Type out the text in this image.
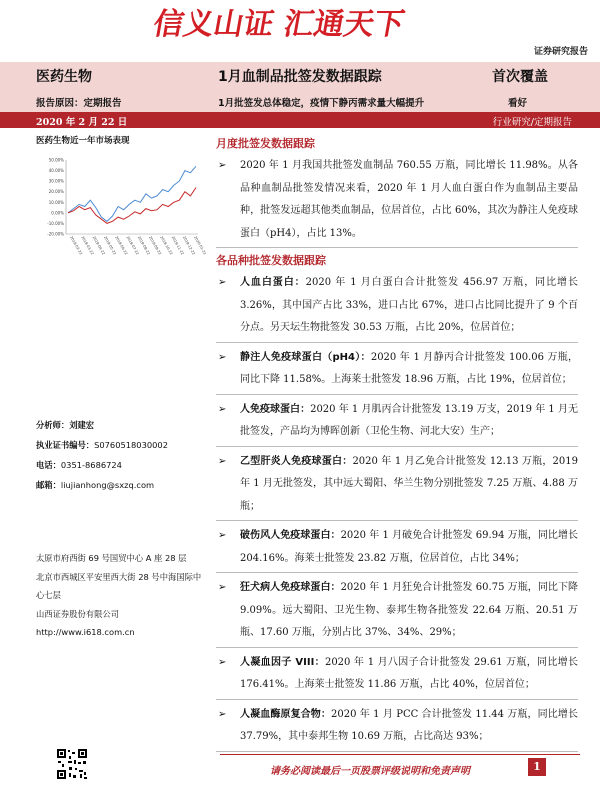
信义山证 汇通天下
证券研究报告
医药生物	1月血制品批签发数据跟踪	首次覆盖
报告原因：定期报告	1月批签发总体稳定，疫情下静丙需求量大幅提升	看好
2020 年 2 月 22 日	行业研究/定期报告
医药生物近一年市场表现
50.00%
40.00%
30.00%
20.00%
10.00%
0.00%
-10.00%
-20.00%
2019-02-22
2019-03-22
2019-04-22
2019-05-22
2019-06-22
2019-07-22
2019-08-22
2019-09-22
2019-10-22
2019-11-22
2019-12-22
2020-01-22
分析师：刘建宏
执业证书编号：S0760518030002
电话：0351-8686724
邮箱：liujianhong@sxzq.com
太原市府西街 69 号国贸中心 A 座 28 层
北京市西城区平安里西大街 28 号中海国际中心七层
山西证券股份有限公司
http://www.i618.com.cn
月度批签发数据跟踪
➢ 2020 年 1 月我国共批签发血制品 760.55 万瓶，同比增长 11.98%。从各品种血制品批签发情况来看，2020 年 1 月人血白蛋白作为血制品主要品种，批签发远超其他类血制品，位居首位，占比 60%，其次为静注人免疫球蛋白（pH4），占比 13%。
各品种批签发数据跟踪
➢ 人血白蛋白：2020 年 1 月白蛋白合计批签发 456.97 万瓶，同比增长 3.26%，其中国产占比 33%，进口占比 67%，进口占比同比提升了 9 个百分点。另天坛生物批签发 30.53 万瓶，占比 20%，位居首位；
➢ 静注人免疫球蛋白（pH4）：2020 年 1 月静丙合计批签发 100.06 万瓶，同比下降 11.58%。上海莱士批签发 18.96 万瓶，占比 19%，位居首位；
➢ 人免疫球蛋白：2020 年 1 月肌丙合计批签发 13.19 万支，2019 年 1 月无批签发，产品均为博晖创新（卫伦生物、河北大安）生产；
➢ 乙型肝炎人免疫球蛋白：2020 年 1 月乙免合计批签发 12.13 万瓶，2019 年 1 月无批签发，其中远大蜀阳、华兰生物分别批签发 7.25 万瓶、4.88 万瓶；
➢ 破伤风人免疫球蛋白：2020 年 1 月破免合计批签发 69.94 万瓶，同比增长 204.16%。海莱士批签发 23.82 万瓶，位居首位，占比 34%；
➢ 狂犬病人免疫球蛋白：2020 年 1 月狂免合计批签发 60.75 万瓶，同比下降 9.09%。远大蜀阳、卫光生物、泰邦生物各批签发 22.64 万瓶、20.51 万瓶、17.60 万瓶，分别占比 37%、34%、29%；
➢ 人凝血因子 VIII：2020 年 1 月八因子合计批签发 29.61 万瓶，同比增长 176.41%。上海莱士批签发 11.86 万瓶，占比 40%，位居首位；
➢ 人凝血酶原复合物：2020 年 1 月 PCC 合计批签发 11.44 万瓶，同比增长 37.79%，其中泰邦生物 10.69 万瓶，占比高达 93%；
请务必阅读最后一页股票评级说明和免责声明	1
